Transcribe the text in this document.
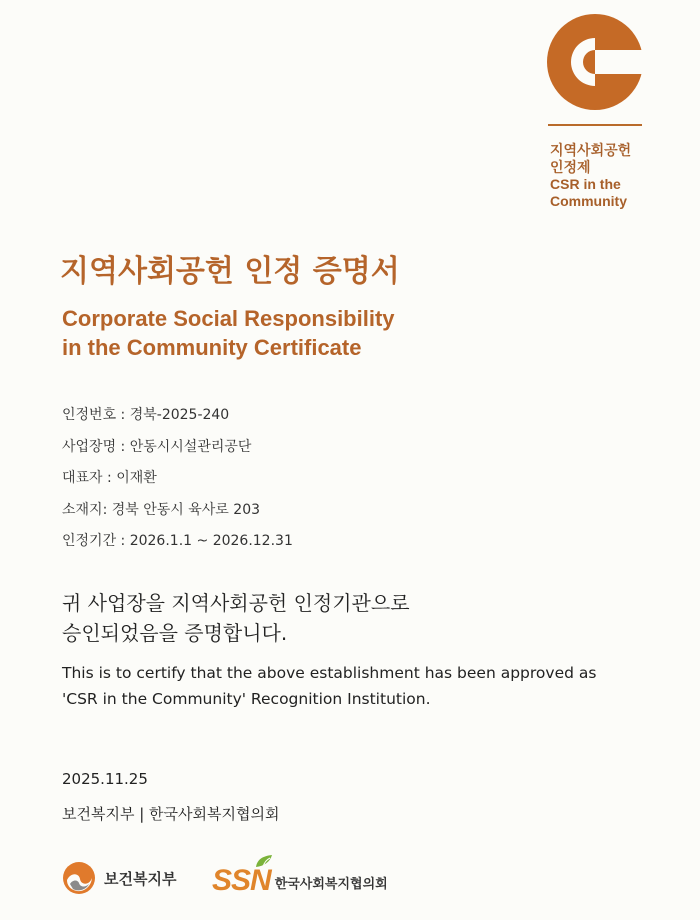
지역사회공헌
인정제
CSR in the
Community
지역사회공헌 인정 증명서
Corporate Social Responsibility
in the Community Certificate
인정번호 : 경북-2025-240
사업장명 : 안동시시설관리공단
대표자 : 이재환
소재지: 경북 안동시 육사로 203
인정기간 : 2026.1.1 ~ 2026.12.31
귀 사업장을 지역사회공헌 인정기관으로
승인되었음을 증명합니다.
This is to certify that the above establishment has been approved as
'CSR in the Community' Recognition Institution.
2025.11.25
보건복지부 | 한국사회복지협의회
보건복지부 SSN 한국사회복지협의회
